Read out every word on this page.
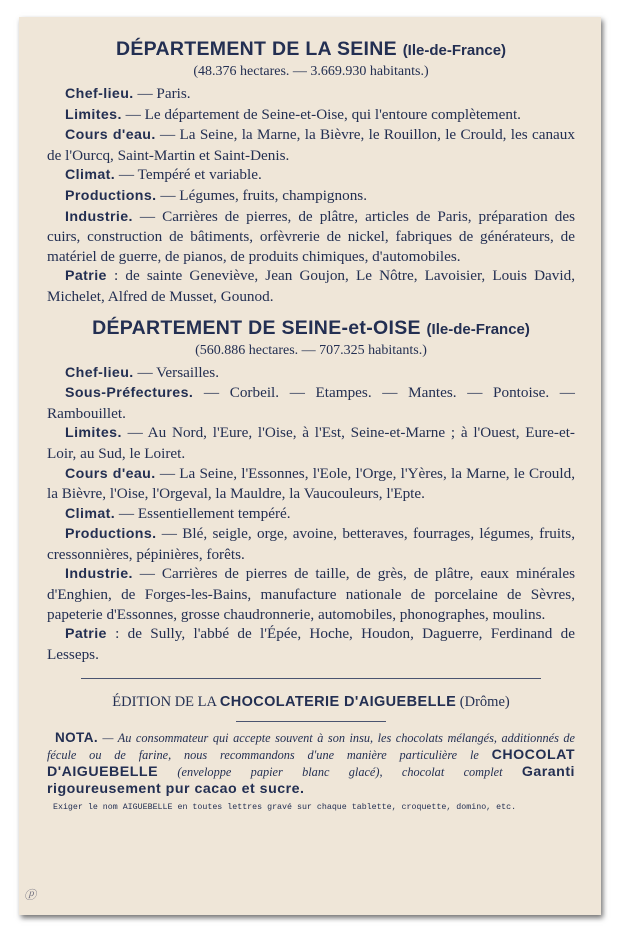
DÉPARTEMENT DE LA SEINE (Ile-de-France)

(48.376 hectares. — 3.669.930 habitants.)

Chef-lieu. — Paris.

Limites. — Le département de Seine-et-Oise, qui l'entoure complètement.

Cours d'eau. — La Seine, la Marne, la Bièvre, le Rouillon, le Crould, les canaux de l'Ourcq, Saint-Martin et Saint-Denis.

Climat. — Tempéré et variable.

Productions. — Légumes, fruits, champignons.

Industrie. — Carrières de pierres, de plâtre, articles de Paris, préparation des cuirs, construction de bâtiments, orfèvrerie de nickel, fabriques de générateurs, de matériel de guerre, de pianos, de produits chimiques, d'automobiles.

Patrie : de sainte Geneviève, Jean Goujon, Le Nôtre, Lavoisier, Louis David, Michelet, Alfred de Musset, Gounod.

DÉPARTEMENT DE SEINE-et-OISE (Ile-de-France)

(560.886 hectares. — 707.325 habitants.)

Chef-lieu. — Versailles.

Sous-Préfectures. — Corbeil. — Etampes. — Mantes. — Pontoise. — Rambouillet.

Limites. — Au Nord, l'Eure, l'Oise, à l'Est, Seine-et-Marne ; à l'Ouest, Eure-et-Loir, au Sud, le Loiret.

Cours d'eau. — La Seine, l'Essonnes, l'Eole, l'Orge, l'Yères, la Marne, le Crould, la Bièvre, l'Oise, l'Orgeval, la Mauldre, la Vaucouleurs, l'Epte.

Climat. — Essentiellement tempéré.

Productions. — Blé, seigle, orge, avoine, betteraves, fourrages, légumes, fruits, cressonnières, pépinières, forêts.

Industrie. — Carrières de pierres de taille, de grès, de plâtre, eaux minérales d'Enghien, de Forges-les-Bains, manufacture nationale de porcelaine de Sèvres, papeterie d'Essonnes, grosse chaudronnerie, automobiles, phonographes, moulins.

Patrie : de Sully, l'abbé de l'Épée, Hoche, Houdon, Daguerre, Ferdinand de Lesseps.

ÉDITION DE LA CHOCOLATERIE D'AIGUEBELLE (Drôme)
NOTA. — Au consommateur qui accepte souvent à son insu, les chocolats mélangés, additionnés de fécule ou de farine, nous recommandons d'une manière particulière le CHOCOLAT D'AIGUEBELLE (enveloppe papier blanc glacé), chocolat complet Garanti rigoureusement pur cacao et sucre.
Exiger le nom AIGUEBELLE en toutes lettres gravé sur chaque tablette, croquette, domino, etc.
ⓟ
